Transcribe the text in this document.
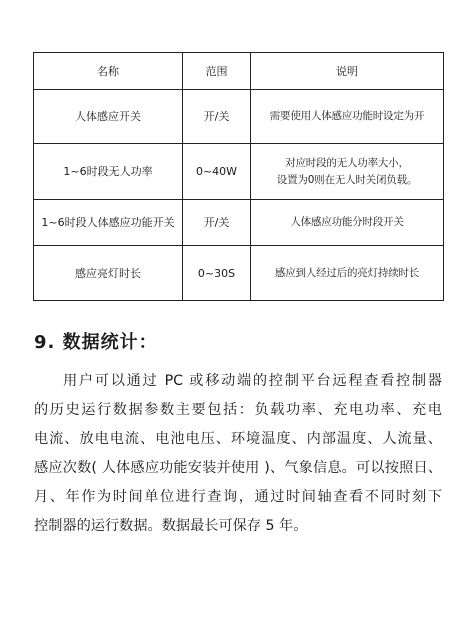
名称	范围	说明
人体感应开关	开/关	需要使用人体感应功能时设定为开
1~6时段无人功率	0~40W	对应时段的无人功率大小，
设置为0则在无人时关闭负载。
1~6时段人体感应功能开关	开/关	人体感应功能分时段开关
感应亮灯时长	0~30S	感应到人经过后的亮灯持续时长
9. 数据统计：
用户可以通过 PC 或移动端的控制平台远程查看控制器
的历史运行数据参数主要包括：负载功率、充电功率、充电
电流、放电电流、电池电压、环境温度、内部温度、人流量、
感应次数( 人体感应功能安装并使用 )、气象信息。可以按照日、
月、年作为时间单位进行查询，通过时间轴查看不同时刻下
控制器的运行数据。数据最长可保存 5 年。
